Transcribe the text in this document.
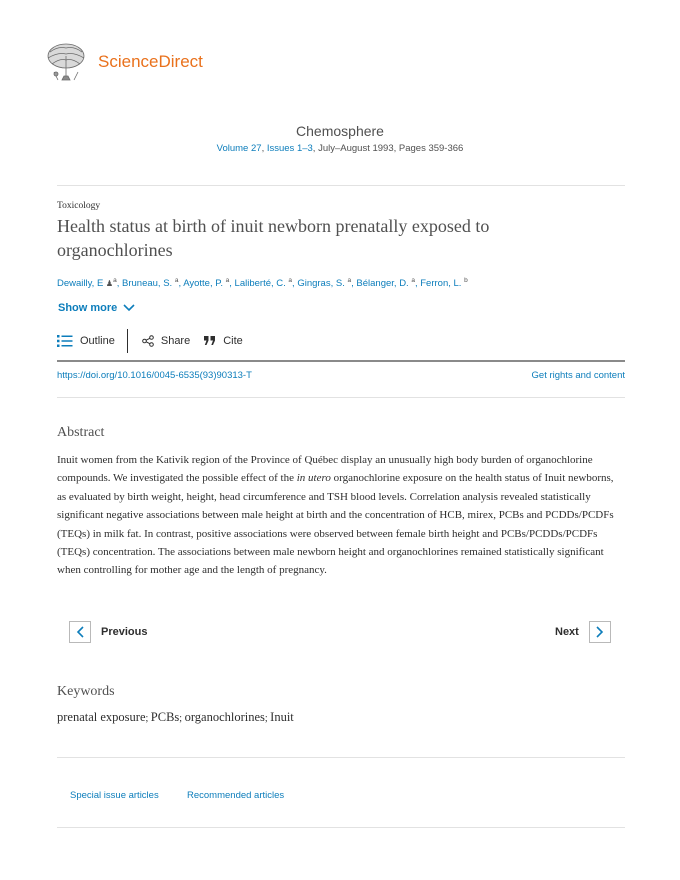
ScienceDirect
Chemosphere
Volume 27, Issues 1–3, July–August 1993, Pages 359-366
Toxicology
Health status at birth of inuit newborn prenatally exposed to organochlorines
Dewailly, E ♟$^a$, Bruneau, S. $^a$, Ayotte, P. $^a$, Laliberté, C. $^a$, Gingras, S. $^a$, Bélanger, D. $^a$, Ferron, L. $^b$
Show more
Outline	Share	Cite
https://doi.org/10.1016/0045-6535(93)90313-T	Get rights and content
Abstract
Inuit women from the Kativik region of the Province of Québec display an unusually high body burden of organochlorine compounds. We investigated the possible effect of the in utero organochlorine exposure on the health status of Inuit newborns, as evaluated by birth weight, height, head circumference and TSH blood levels. Correlation analysis revealed statistically significant negative associations between male height at birth and the concentration of HCB, mirex, PCBs and PCDDs/PCDFs (TEQs) in milk fat. In contrast, positive associations were observed between female birth height and PCBs/PCDDs/PCDFs (TEQs) concentration. The associations between male newborn height and organochlorines remained statistically significant when controlling for mother age and the length of pregnancy.
Previous	Next
Keywords
prenatal exposure; PCBs; organochlorines; Inuit
Special issue articles	Recommended articles
